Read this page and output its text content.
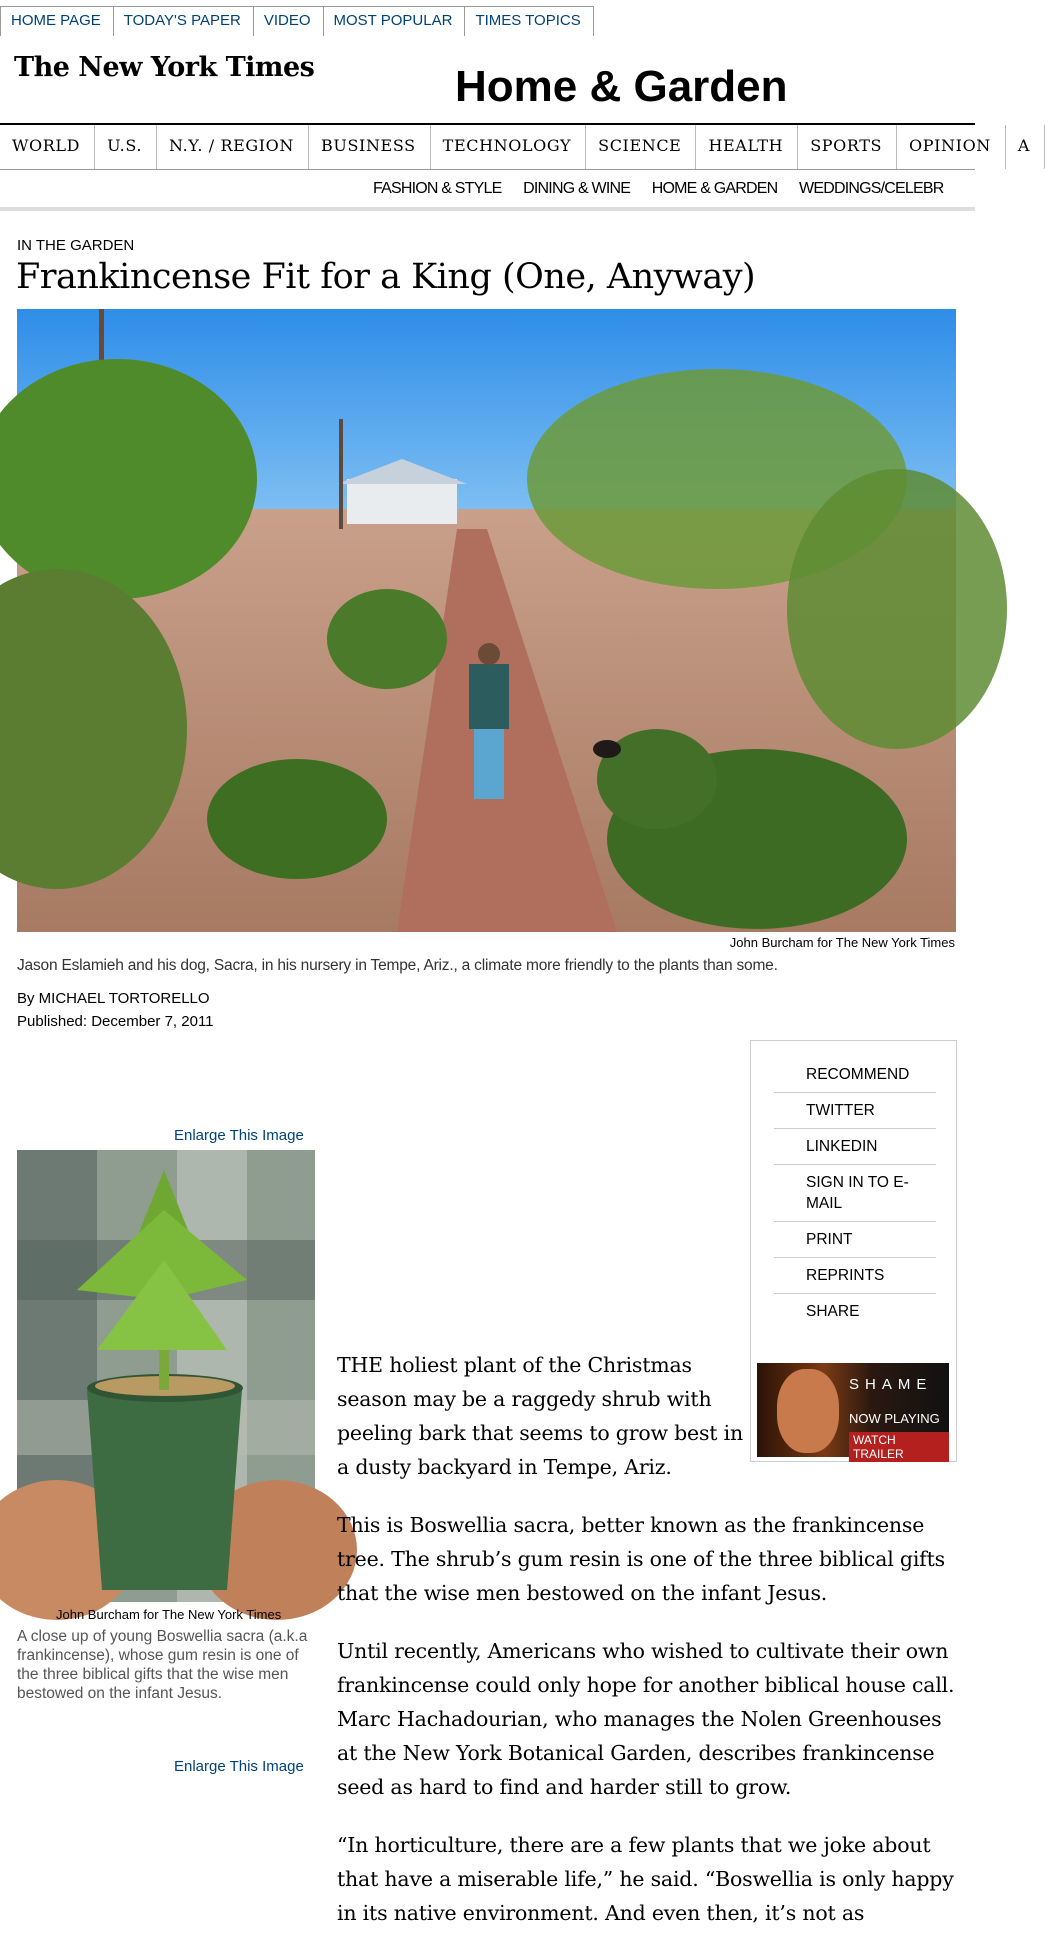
HOME PAGE	TODAY'S PAPER	VIDEO	MOST POPULAR	TIMES TOPICS
The New York Times	Home & Garden
WORLD	U.S.	N.Y. / REGION	BUSINESS	TECHNOLOGY	SCIENCE	HEALTH	SPORTS	OPINION	A
FASHION & STYLE DINING & WINE HOME & GARDEN WEDDINGS/CELEBR
IN THE GARDEN
Frankincense Fit for a King (One, Anyway)
John Burcham for The New York Times
Jason Eslamieh and his dog, Sacra, in his nursery in Tempe, Ariz., a climate more friendly to the plants than some.
By MICHAEL TORTORELLO
Published: December 7, 2011
RECOMMEND
TWITTER
LINKEDIN
SIGN IN TO E-MAIL
PRINT
REPRINTS
SHARE
SHAME
NOW PLAYING
WATCH TRAILER
Enlarge This Image
John Burcham for The New York Times
A close up of young Boswellia sacra (a.k.a frankincense), whose gum resin is one of the three biblical gifts that the wise men bestowed on the infant Jesus.
Enlarge This Image

THE holiest plant of the Christmas season may be a raggedy shrub with peeling bark that seems to grow best in a dusty backyard in Tempe, Ariz.

This is Boswellia sacra, better known as the frankincense tree. The shrub’s gum resin is one of the three biblical gifts that the wise men bestowed on the infant Jesus.

Until recently, Americans who wished to cultivate their own frankincense could only hope for another biblical house call. Marc Hachadourian, who manages the Nolen Greenhouses at the New York Botanical Garden, describes frankincense seed as hard to find and harder still to grow.

“In horticulture, there are a few plants that we joke about that have a miserable life,” he said. “Boswellia is only happy in its native environment. And even then, it’s not as
